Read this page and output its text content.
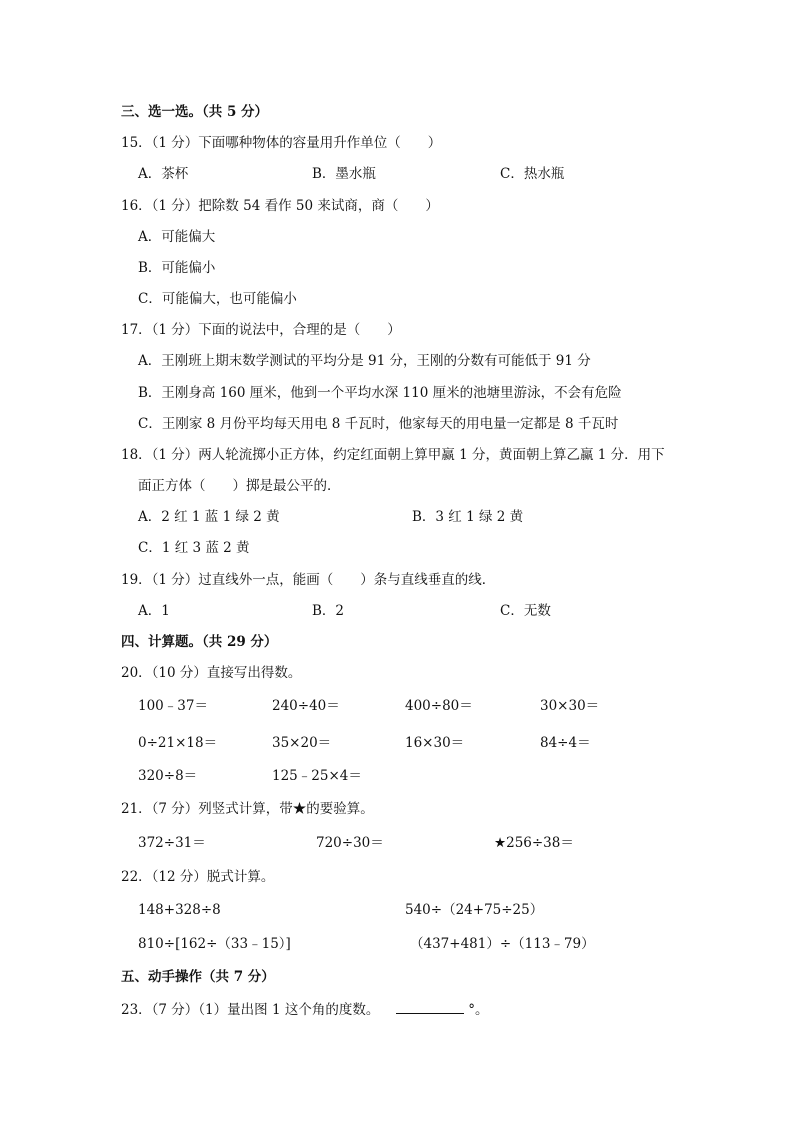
三、选一选。（共 5 分）
15．（1 分）下面哪种物体的容量用升作单位（　　）
A．茶杯	B．墨水瓶	C．热水瓶
16．（1 分）把除数 54 看作 50 来试商，商（　　）
A．可能偏大
B．可能偏小
C．可能偏大，也可能偏小
17．（1 分）下面的说法中，合理的是（　　）
A．王刚班上期末数学测试的平均分是 91 分，王刚的分数有可能低于 91 分
B．王刚身高 160 厘米，他到一个平均水深 110 厘米的池塘里游泳，不会有危险
C．王刚家 8 月份平均每天用电 8 千瓦时，他家每天的用电量一定都是 8 千瓦时
18．（1 分）两人轮流掷小正方体，约定红面朝上算甲赢 1 分，黄面朝上算乙赢 1 分．用下
面正方体（　　）掷是最公平的．
A．2 红 1 蓝 1 绿 2 黄	B．3 红 1 绿 2 黄
C．1 红 3 蓝 2 黄
19．（1 分）过直线外一点，能画（　　）条与直线垂直的线．
A．1	B．2	C．无数
四、计算题。（共 29 分）
20．（10 分）直接写出得数。
100﹣37＝	240÷40＝	400÷80＝	30×30＝
0÷21×18＝	35×20＝	16×30＝	84÷4＝
320÷8＝	125﹣25×4＝
21．（7 分）列竖式计算，带★的要验算。
372÷31＝	720÷30＝	★256÷38＝
22．（12 分）脱式计算。
148+328÷8	540÷（24+75÷25）
810÷[162÷（33﹣15）]	（437+481）÷（113﹣79）
五、动手操作（共 7 分）
23．（7 分）（1）量出图 1 这个角的度数。	°。
